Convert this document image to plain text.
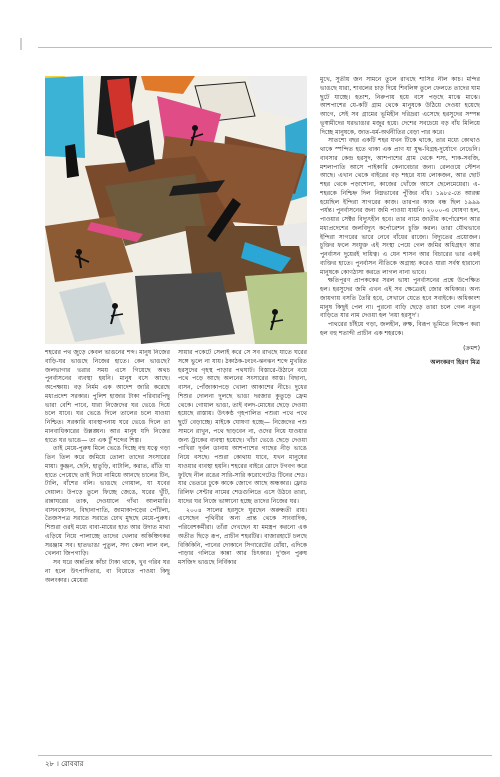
শহরের পথ জুড়ে কেবল ভাঙনের শব্দ। মানুষ নিজের বাড়ি-ঘর ভাঙছে নিজের হাতে। কেন ভাঙছে? জলভাগার ভরার সময় এসে গিয়েছে অথচ পুনর্বাসনের ব্যবস্থা হয়নি। মানুষ বসে আছে। অপেক্ষায়। বড় নির্মম এক আদেশ জারি করেছে মধ্যপ্রদেশ সরকার। পুলিশ হাজার টাকা পরিবারপিছু ভারা বেশি পাবে, যারা নিজেদের ঘর ভেঙে দিয়ে চলে যাবে। ঘর ভেঙে দিলে তালের চলে যাওয়া নিশ্চিত। সরকারি ব্যবস্থাপনায় ঘরে ভেঙে দিলে তা মানবাধিকারের উল্লঙ্ঘন। আর মানুষ যদি নিজের হাতে ঘর ভাঙে— তা এক টুঁ শব্দের শিল্প।

তাই মেয়ে-পুরুষ মিলে ভেঙে দিচ্ছে বহু যত্নে গড়া তিন তিল করে জমিয়ে তোলা তাদের সংসারের মায়া। কুঞ্জন, ছেনি, হাতুড়ি, বাটালি, করাত, রাঁতি যা হাতে পেয়েছে তাই দিয়ে নামিয়ে আনছে চালের টিন, টালি, বাঁশের বলি। ভাঙছে গোয়াল, যা যবের দেয়াল। উপড়ে তুলে ফিচ্ছে জেঙে, ঘরের খুঁটি, রান্নাঘরের তাক, দেওয়ালে গাঁথা আলমারি। বাসনকোসন, বিছানাপাতি, জামাকাপড়ের পোঁটলা, তৈজসপত্র সরাতে সরাতে ঢোখ মুছছে মেয়ে-পুরুষ। শিশুরা ওরই মধ্যে বাবা-মায়ের হাত আর উদাত মাথা এড়িয়ে নিয়ে পালাচ্ছে তাদের খেলার অকিঞ্চিৎকর সরঞ্জাম সব। হাতভাঙা পুতুল, সদ্য কেনা লাল বল, খেলনা জিপগাড়ি।

সব ঘরে অন্নপ্রিন্ত কাঁচা টাকা থাকে, খুব গরিব ঘর না হলে উৎপাদিতার, বা বিয়েতে পাওয়া কিছু অলংকার। মেয়েরা

সায়ার পকেটে সেলাই করে সে সব রাখছে যাতে ঘরের সঙ্গে ভুলে না যায়। ঠকাঠক-ঢংঢং-ঝনঝন শব্দে মুখরিত হরসুদের গৃহস্থ পাড়ার পথঘাট। বিস্তারে-উঠানে বয়ে পথে পড়ে আছে অলনের সংসারের আস্ত। বিছানা, বাসন, পোঁজাকাপড়ে খোলা আকাশের নীচে। দুধের শিশুর দোলনা দুলছে ভাঙা দরজার কুতুড়ে ফ্রেম থেকে। গোয়াল ভাঙা, তাই বলদ-মোষের ছেড়ে দেওয়া হয়েছে রাস্তায়। উৎকণ্ঠ গৃহপালিত পশুরা পথে পথে ছুটে বেড়াচ্ছে। মাইকে ঘোষণা হচ্ছে— নিজেদের পশু সামনে রাখুন, পথে ছাড়বেন না, ওদের নিয়ে যাওয়ার জন্য ট্রাকের ব্যবস্থা হয়েছে। খাঁচা ভেঙে ছেড়ে দেওয়া পাখিরা দূর্বল ডানায় আশপাশের গাছের নীড় ভাঙে নিয়ে বসছে। পশুরা কোথায় যাবে, যখন মানুষের যাওয়ার ব্যবস্থা হয়নি। শহরের বাইরে রোদে টগবগ করে ফুটছে নীল রঙের সারি-সারি করোগেটেড টিনের শেড। যার ভেতরে ঢুকে কাকে জোগে আছে অন্ধকার। ফ্লোড রিলিফ সেন্টার নামের শেডগুলিতে এসে উঠবে তারা, যাদের ঘর নিজে ভাঙ্গানো হচ্ছে তাদের নিজের ঘর।

২০০৪ সালের হরসুদে ঘুরছেন অরুন্ধতী রায়। এসেছেন পৃথিবীর অন্য প্রান্ত থেকে সাংবাদিক, পরিবেশকর্মীরা। তাঁরা দেখছেন যা মমস্ত্রপ করনো এক অতীত ছিড়ে রূপ, প্রাচীন শহরটির। বাজারহাটে চলছে বিকিকিনি, পানের দোকানে সিগারেটের ধোঁয়া, এদিকে পাড়ার গলিতে কান্না আর চিৎকার। দু'জন পুরুষ মসজিদ ভাঙছে নির্বিকার

মুখে, সুতীয় জন সামনে তুলে রাখছে শাসির নীল কাচ। মন্দির ভাঙছে যারা, শাবলের চাড় দিয়ে শিবলিঙ্গ তুলে ফেলতে তাদের ঘাম ছুটে যাচ্ছে। হতাশ, নিরুপায় হয়ে বসে পড়ছে মাঝে মাঝে। আশপাশের যে-কটি গ্রাম থেকে মানুষকে উঠিয়ে দেওয়া হয়েছে আগে, সেই সব গ্রামের ভূমিহীন দরিদ্ররা এসেছে হরসুদের সম্পন্ন ভূস্বামীদের ঘরভাঙার মজুর হয়ে। দেশের সবচেয়ে বড় বাঁধ মিলিয়ে দিচ্ছে মানুষকে, জাত-ধর্ম-অর্থনীতির বেড়া পার করে।

সাতশো বছর একটি শহর যখন টিকে থাকে, তার মধ্যে কোথাও থাকে স্পন্দিত হতে থাকা এক প্রাণ যা যুদ্ধ-বিগ্রহ-দুর্যোগে নেভেনি। বাবসার কেন্দ্র হরসুদ, আশপাশের গ্রাম থেকে শস্য, শাক-সবজি, মশলাপাতি আসে পাইকারি কেনাবেচার জন্য। রেলওয়ে স্টেশন আছে। এখান থেকে বাইরের বড় শহরে যায় লোকজন, আর ছোট শহর থেকে পড়াশোনা, কাজের খোঁজে আসে ছেলেমেয়েরা। এ-শহরকে নিশ্চিহ্ন দিল নিম্নভাবের পুঁজির বাঁধ। ১৯৮৫-তে আরম্ভ হয়েছিল ইন্দিরা সাগরের কাজ। তারপর কাজ বন্ধ ছিল ১৯৯৯ পর্যন্ত। পুনর্বাসনের জন্য জমি পাওয়া যায়নি। ২০০০-এ ঘোষণা হল, পাওয়ার সেক্টর বিদ্যুৎহীন হবে। তার নামে জাতীয় কর্পোরেশন আর মধ্যপ্রদেশের জলবিদ্যুৎ কর্পোরেশন চুক্তি করল। তারা যৌথভাবে ইন্দিরা সাগরের ভারে নেবে বাঁধের রাজ্যে। বিদ্যুতের প্রয়োজন। চুক্তির ফলে সংযুক্ত এই সংস্থা পেয়ে গেল জমির অধিগ্রহণ আর পুনর্বাসন দুয়েরই দায়িত্ব। এ যেন শাসন আর বিচারের ভার একই ব্যক্তির হাতে। পুনর্বাসন নীতিকে অগ্রাহ্য করেও যারা সর্বস্ব হারানো মানুষকে কোণঠাসা করতে লাগল নানা ভাবে।

ক্ষতিপূরণ প্রাপককের সরল ভাষা পুনর্বাসনের প্রশ্নে উপেক্ষিত হল। হরসুদের জমি এখন এই সব ক্ষেত্রেরই জোর অধিকার। অন্য জায়গায় বসতি তৈরি হবে, সেখানে যেতে হবে সবাইকে। অধিকাংশ মানুষ কিছুই পেল না। পুরনো বাড়ি ছেড়ে তারা চলে গেল নতুন বাড়িতে যার নাম দেওয়া হল 'নয়া হরসুদ'।

পাথরের চাঁইয়ে গড়া, জলহীন, রুক্ষ, বিরূপ ভূমিতে নিক্ষেপ করা হল বহু শতাব্দী প্রাচীন এক শহরকে।

(ক্রমশ)

অলংকরণ হিরণ মিত্র

২৮ । রোববার
